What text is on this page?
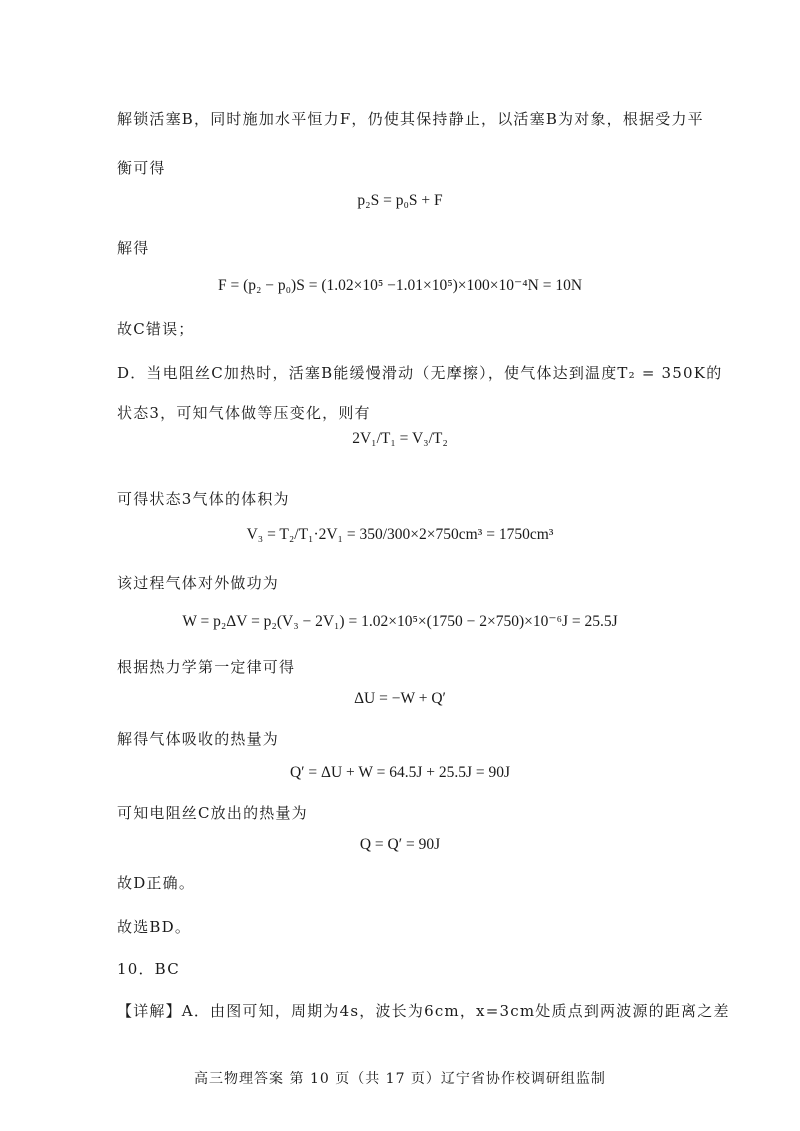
解锁活塞B，同时施加水平恒力F，仍使其保持静止，以活塞B为对象，根据受力平
衡可得
p₂S = p₀S + F
解得
F = (p₂ − p₀)S = (1.02×10⁵ −1.01×10⁵)×100×10⁻⁴N = 10N
故C错误；
D．当电阻丝C加热时，活塞B能缓慢滑动（无摩擦），使气体达到温度T₂ = 350K的
状态3，可知气体做等压变化，则有
2V₁/T₁ = V₃/T₂
可得状态3气体的体积为
V₃ = T₂/T₁·2V₁ = 350/300×2×750cm³ = 1750cm³
该过程气体对外做功为
W = p₂ΔV = p₂(V₃ − 2V₁) = 1.02×10⁵×(1750 − 2×750)×10⁻⁶J = 25.5J
根据热力学第一定律可得
ΔU = −W + Q′
解得气体吸收的热量为
Q′ = ΔU + W = 64.5J + 25.5J = 90J
可知电阻丝C放出的热量为
Q = Q′ = 90J
故D正确。
故选BD。
10．BC
【详解】A．由图可知，周期为4s，波长为6cm，x=3cm处质点到两波源的距离之差
高三物理答案 第 10 页（共 17 页）辽宁省协作校调研组监制
